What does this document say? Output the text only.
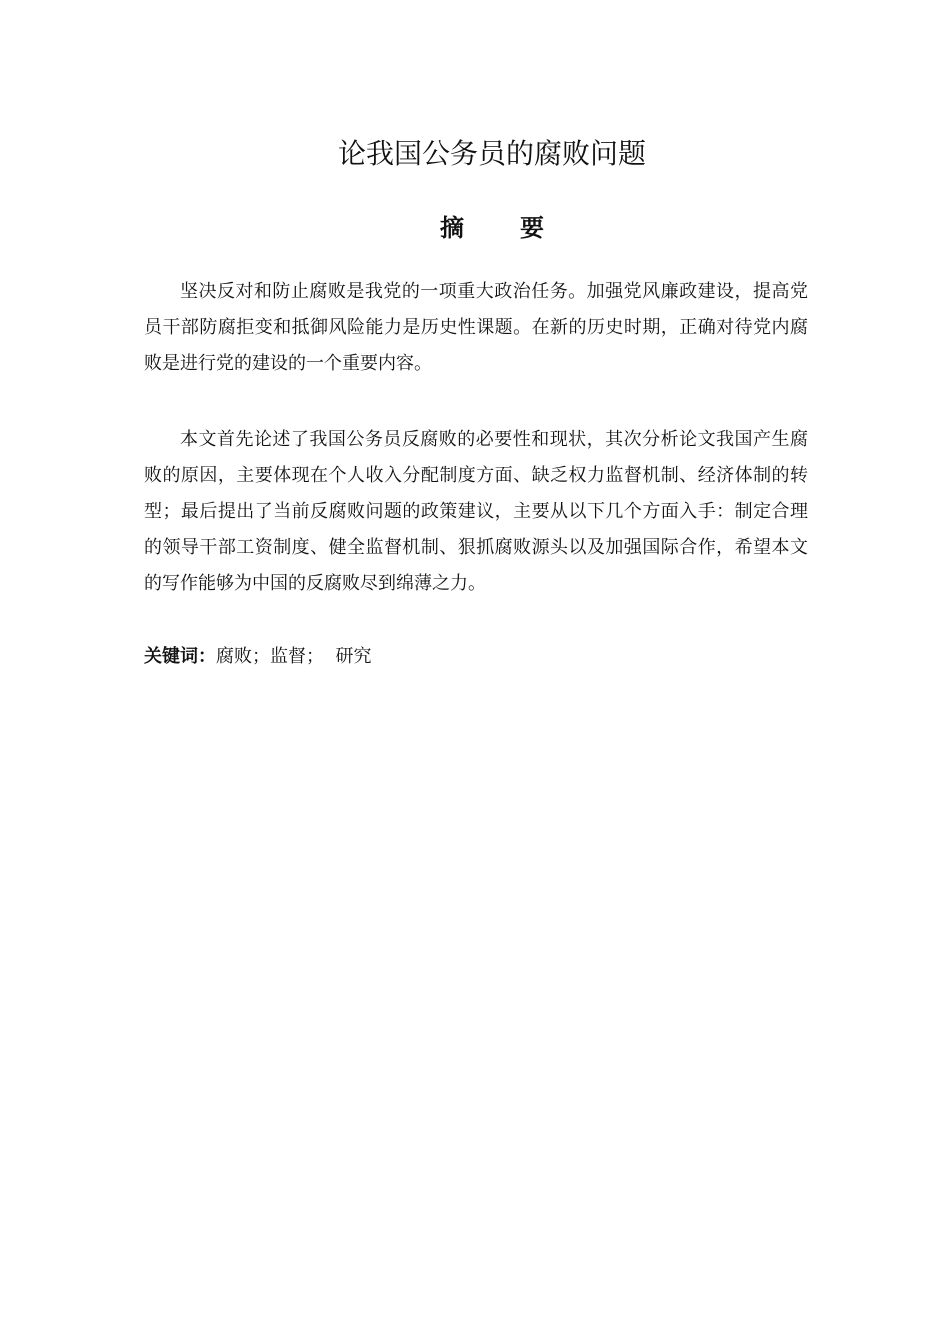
论我国公务员的腐败问题
摘 要

坚决反对和防止腐败是我党的一项重大政治任务。加强党风廉政建设，提高党员干部防腐拒变和抵御风险能力是历史性课题。在新的历史时期，正确对待党内腐败是进行党的建设的一个重要内容。

本文首先论述了我国公务员反腐败的必要性和现状，其次分析论文我国产生腐败的原因，主要体现在个人收入分配制度方面、缺乏权力监督机制、经济体制的转型；最后提出了当前反腐败问题的政策建议，主要从以下几个方面入手：制定合理的领导干部工资制度、健全监督机制、狠抓腐败源头以及加强国际合作，希望本文的写作能够为中国的反腐败尽到绵薄之力。

关键词：腐败；监督；  研究
